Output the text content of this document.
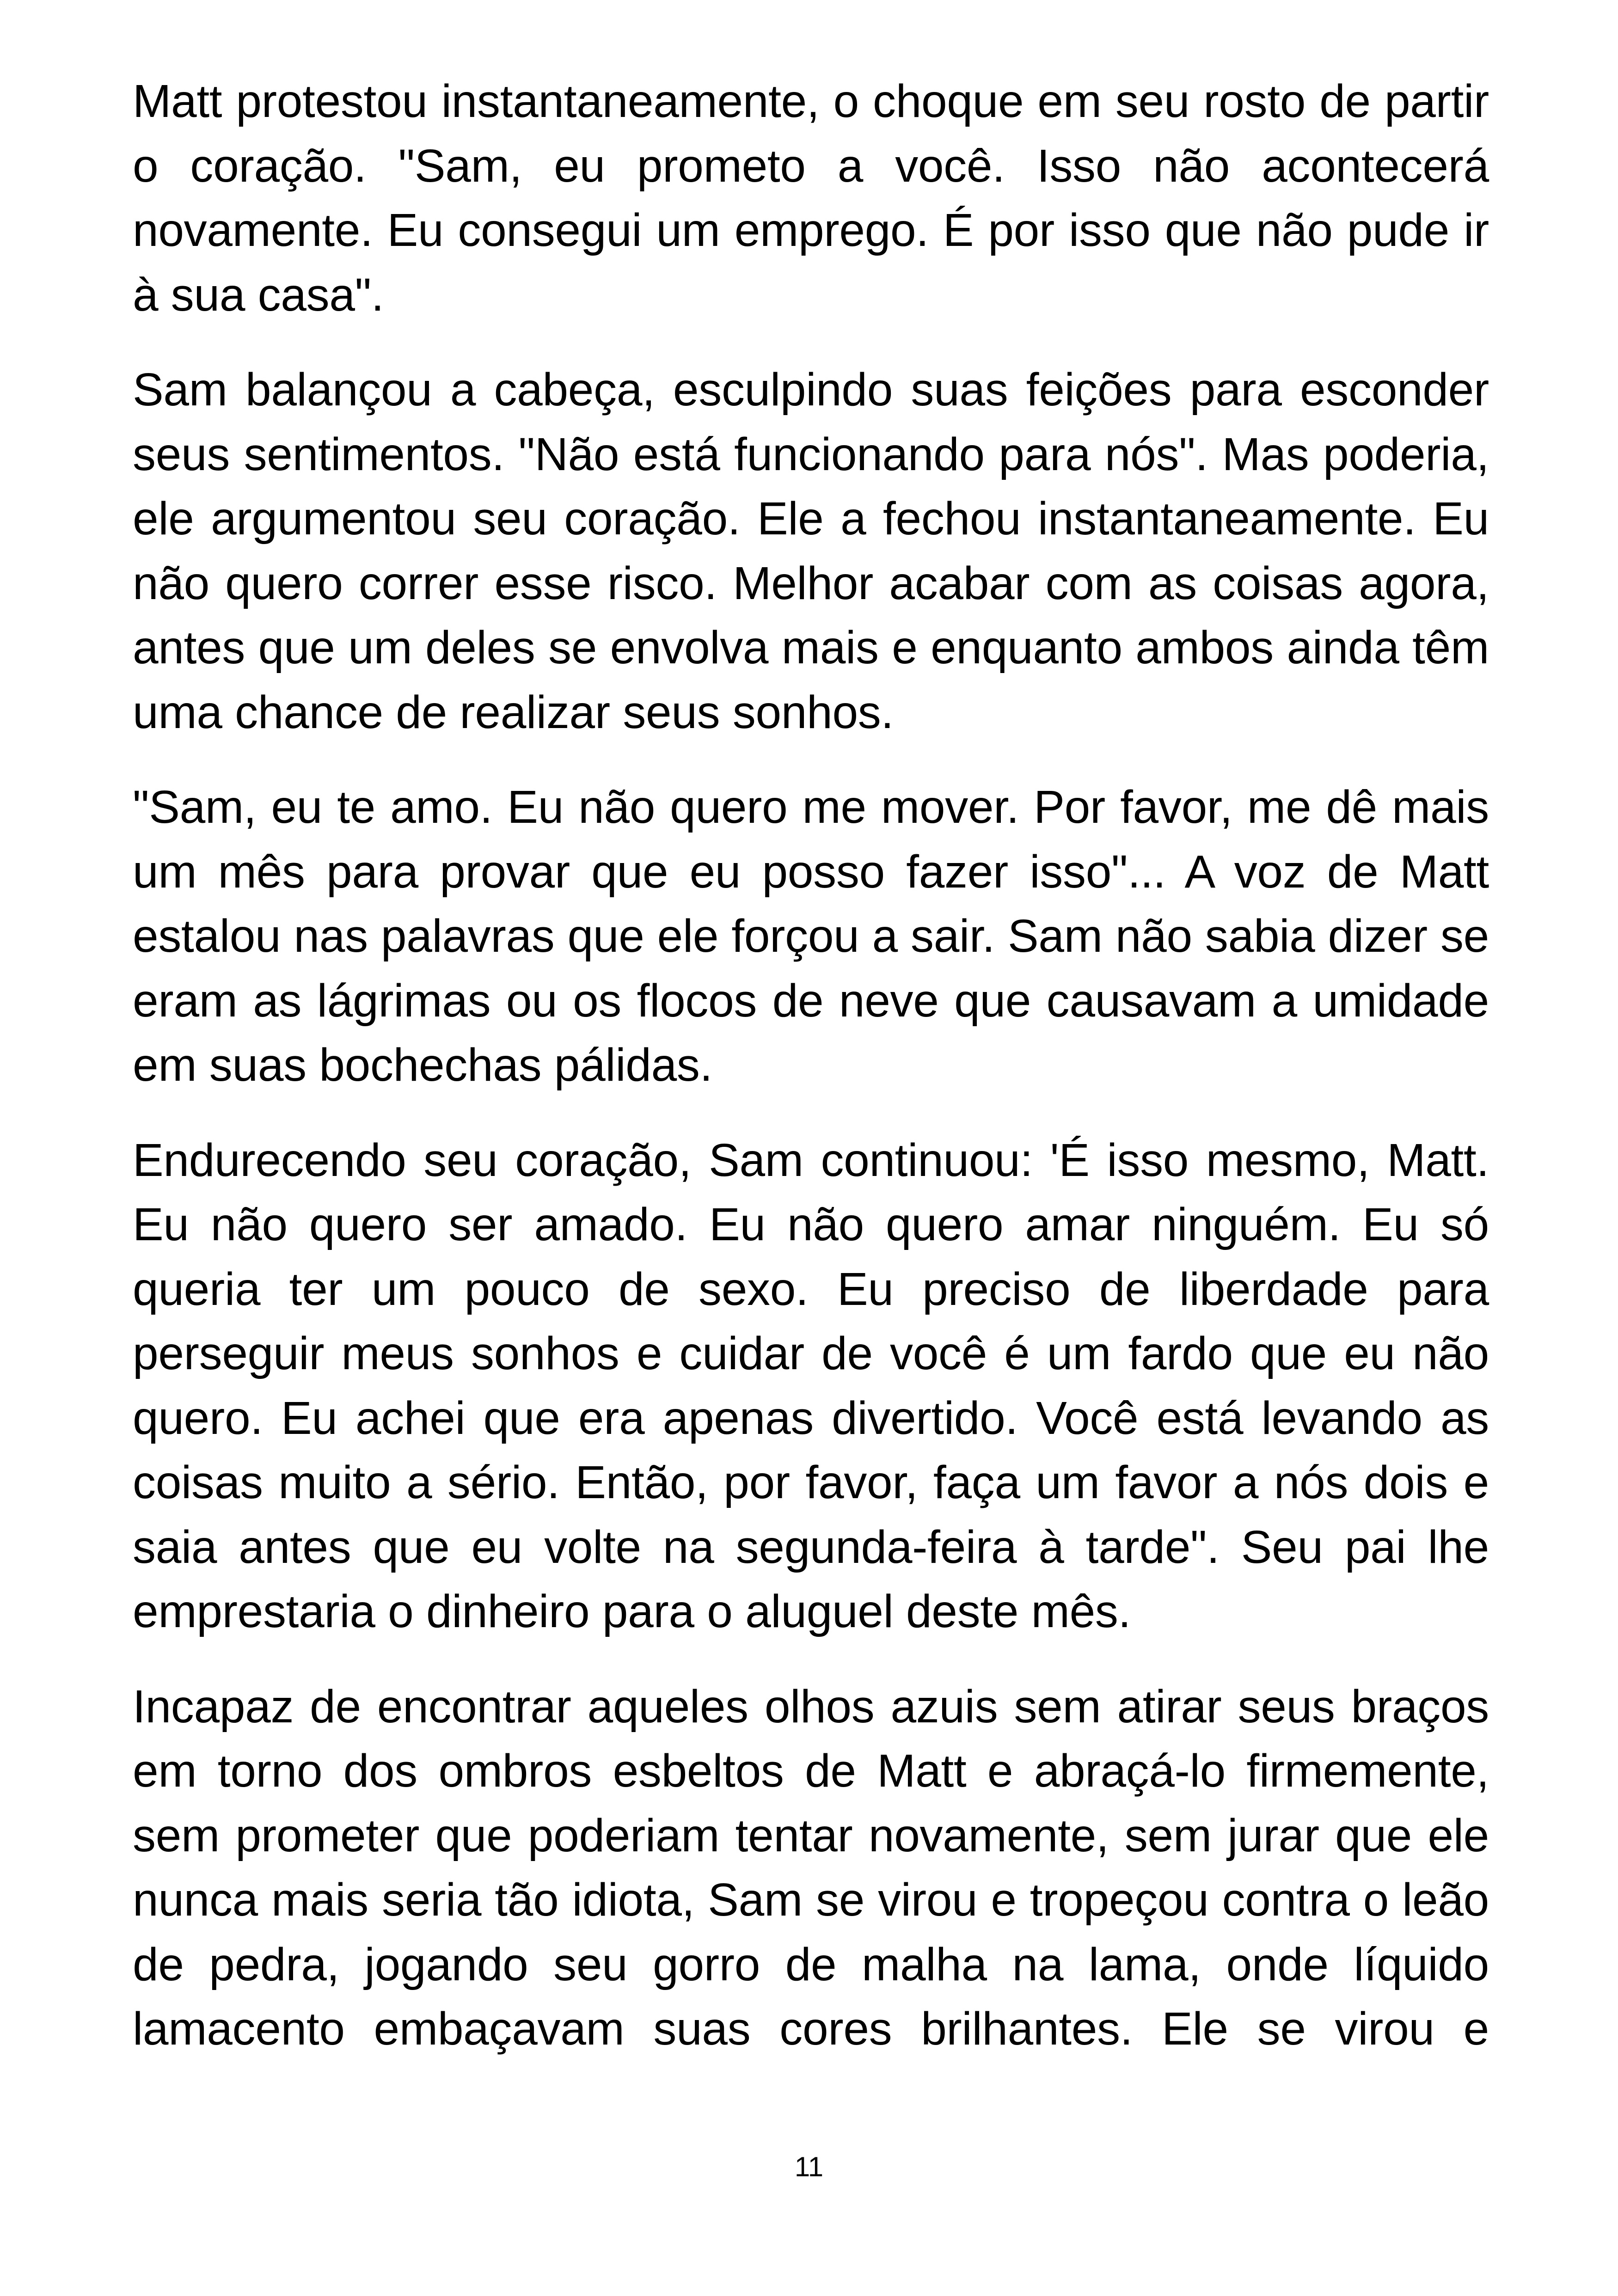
Matt protestou instantaneamente, o choque em seu rosto de partir o coração. "Sam, eu prometo a você. Isso não acontecerá novamente. Eu consegui um emprego. É por isso que não pude ir à sua casa".

Sam balançou a cabeça, esculpindo suas feições para esconder seus sentimentos. "Não está funcionando para nós". Mas poderia, ele argumentou seu coração. Ele a fechou instantaneamente. Eu não quero correr esse risco. Melhor acabar com as coisas agora, antes que um deles se envolva mais e enquanto ambos ainda têm uma chance de realizar seus sonhos.

"Sam, eu te amo. Eu não quero me mover. Por favor, me dê mais um mês para provar que eu posso fazer isso"... A voz de Matt estalou nas palavras que ele forçou a sair. Sam não sabia dizer se eram as lágrimas ou os flocos de neve que causavam a umidade em suas bochechas pálidas.

Endurecendo seu coração, Sam continuou: 'É isso mesmo, Matt. Eu não quero ser amado. Eu não quero amar ninguém. Eu só queria ter um pouco de sexo. Eu preciso de liberdade para perseguir meus sonhos e cuidar de você é um fardo que eu não quero. Eu achei que era apenas divertido. Você está levando as coisas muito a sério. Então, por favor, faça um favor a nós dois e saia antes que eu volte na segunda-feira à tarde". Seu pai lhe emprestaria o dinheiro para o aluguel deste mês.

Incapaz de encontrar aqueles olhos azuis sem atirar seus braços em torno dos ombros esbeltos de Matt e abraçá-lo firmemente, sem prometer que poderiam tentar novamente, sem jurar que ele nunca mais seria tão idiota, Sam se virou e tropeçou contra o leão de pedra, jogando seu gorro de malha na lama, onde líquido lamacento embaçavam suas cores brilhantes. Ele se virou e

11
